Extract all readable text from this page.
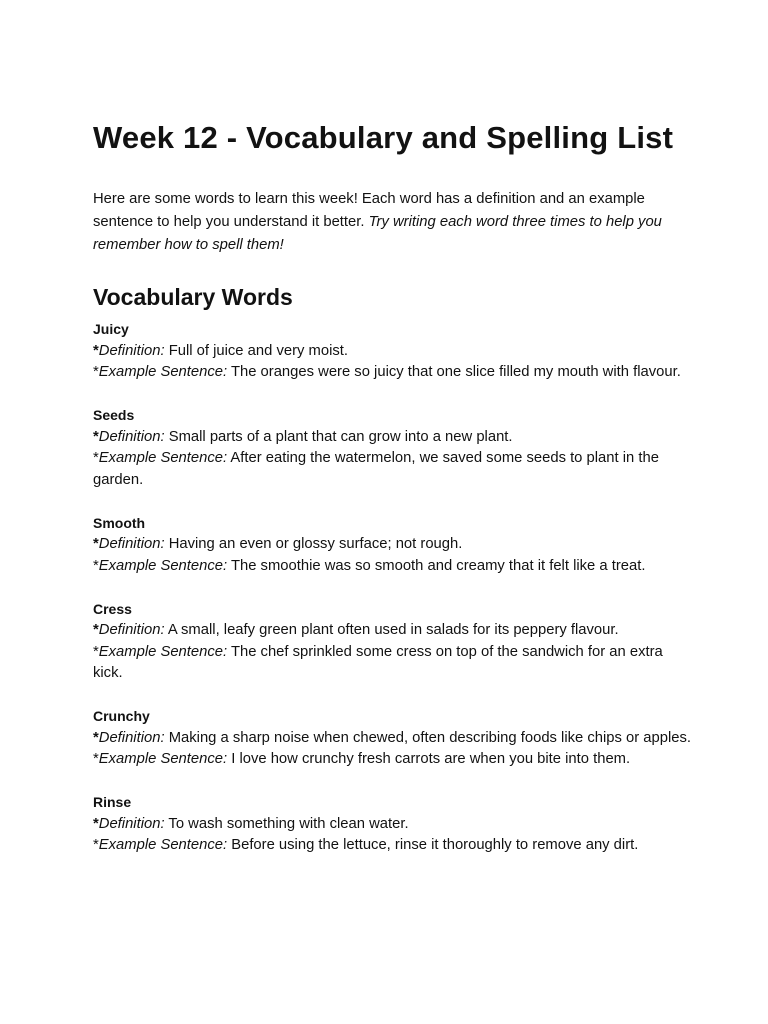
Week 12 - Vocabulary and Spelling List

Here are some words to learn this week! Each word has a definition and an example sentence to help you understand it better. Try writing each word three times to help you remember how to spell them!

Vocabulary Words
Juicy
*Definition: Full of juice and very moist.
*Example Sentence: The oranges were so juicy that one slice filled my mouth with flavour.
Seeds
*Definition: Small parts of a plant that can grow into a new plant.
*Example Sentence: After eating the watermelon, we saved some seeds to plant in the garden.
Smooth
*Definition: Having an even or glossy surface; not rough.
*Example Sentence: The smoothie was so smooth and creamy that it felt like a treat.
Cress
*Definition: A small, leafy green plant often used in salads for its peppery flavour.
*Example Sentence: The chef sprinkled some cress on top of the sandwich for an extra kick.
Crunchy
*Definition: Making a sharp noise when chewed, often describing foods like chips or apples.
*Example Sentence: I love how crunchy fresh carrots are when you bite into them.
Rinse
*Definition: To wash something with clean water.
*Example Sentence: Before using the lettuce, rinse it thoroughly to remove any dirt.
